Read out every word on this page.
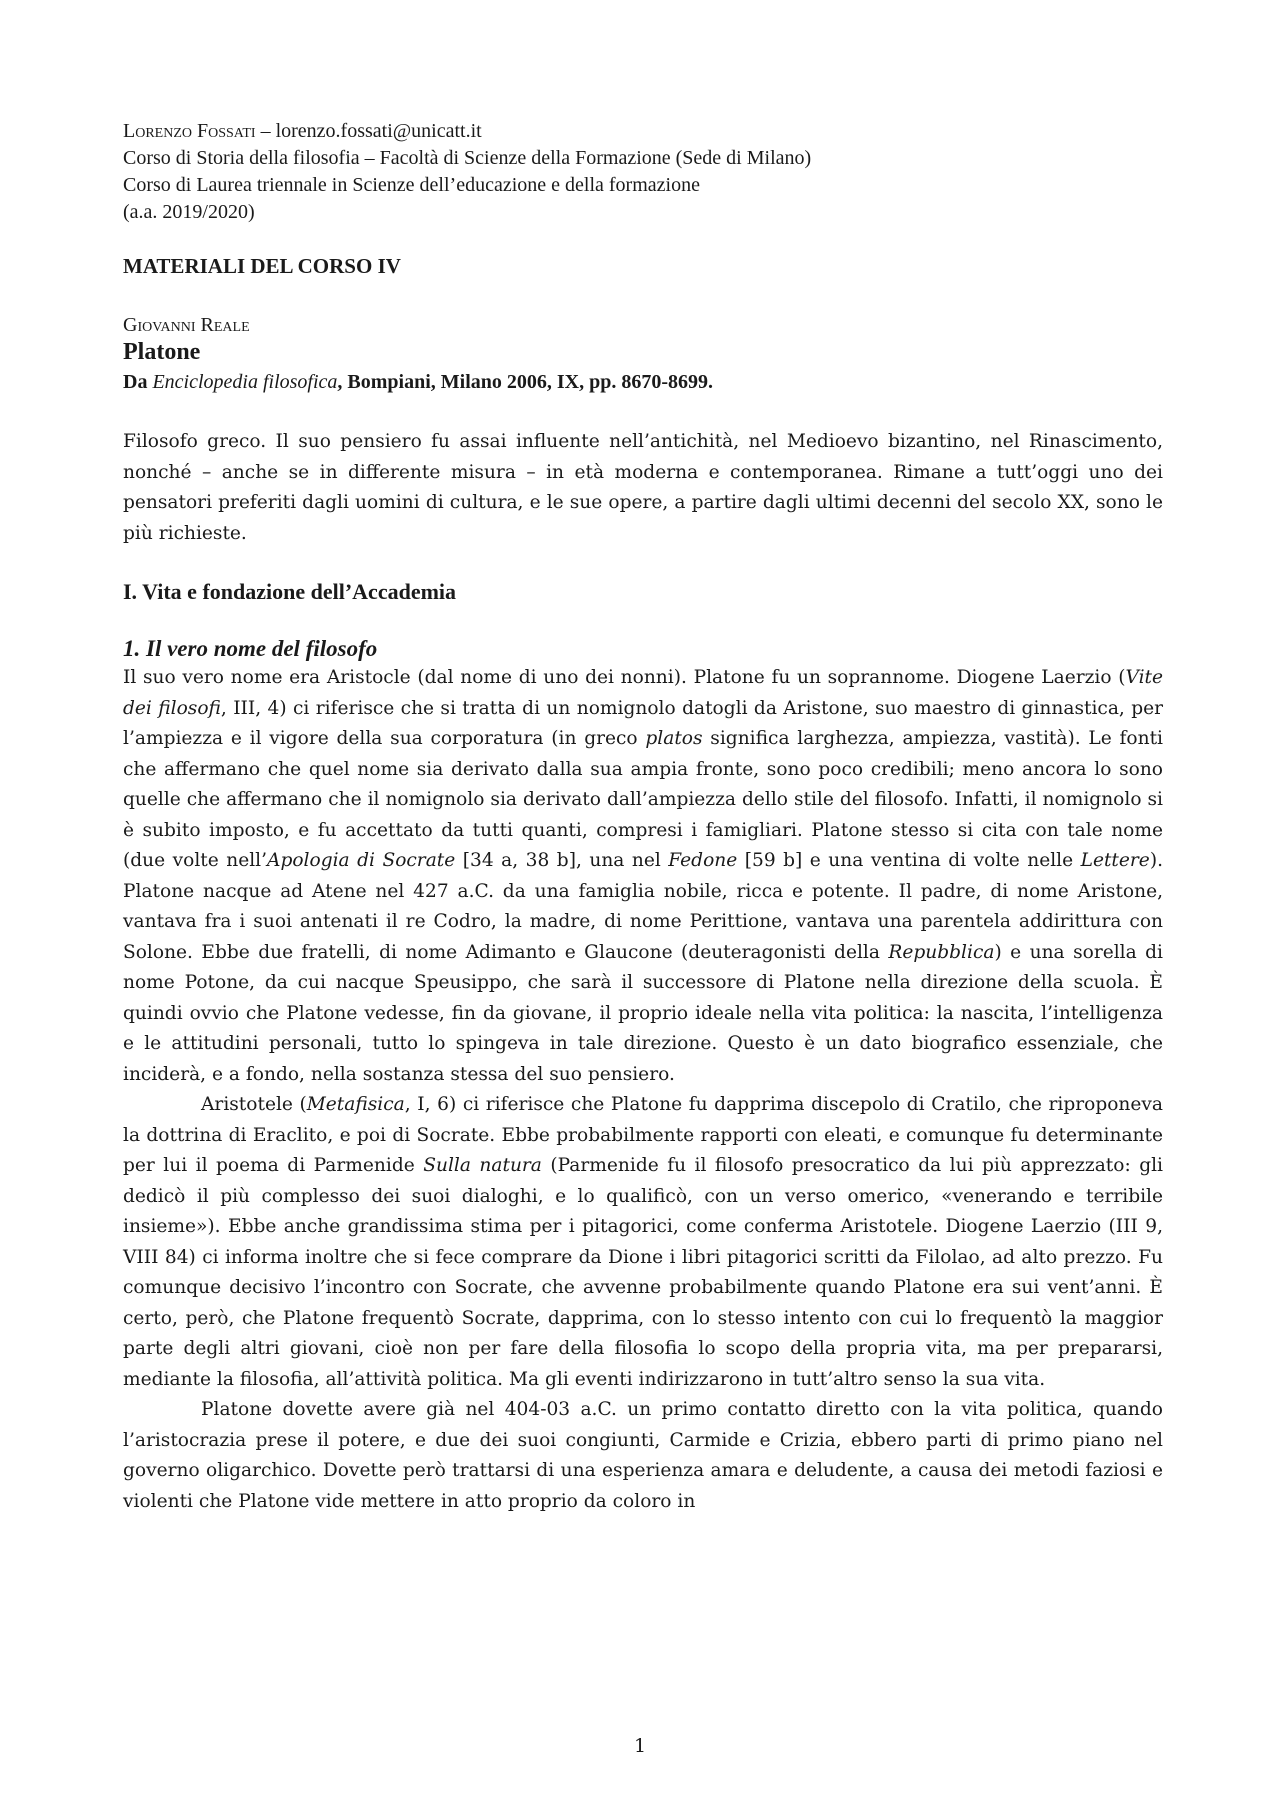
Lorenzo Fossati – lorenzo.fossati@unicatt.it
Corso di Storia della filosofia – Facoltà di Scienze della Formazione (Sede di Milano)
Corso di Laurea triennale in Scienze dell’educazione e della formazione
(a.a. 2019/2020)
MATERIALI DEL CORSO IV
Giovanni Reale
Platone
Da Enciclopedia filosofica, Bompiani, Milano 2006, IX, pp. 8670-8699.

Filosofo greco. Il suo pensiero fu assai influente nell’antichità, nel Medioevo bizantino, nel Rinascimento, nonché – anche se in differente misura – in età moderna e contemporanea. Rimane a tutt’oggi uno dei pensatori preferiti dagli uomini di cultura, e le sue opere, a partire dagli ultimi decenni del secolo XX, sono le più richieste.

I. Vita e fondazione dell’Accademia
1. Il vero nome del filosofo

Il suo vero nome era Aristocle (dal nome di uno dei nonni). Platone fu un soprannome. Diogene Laerzio (Vite dei filosofi, III, 4) ci riferisce che si tratta di un nomignolo datogli da Aristone, suo maestro di ginnastica, per l’ampiezza e il vigore della sua corporatura (in greco platos significa larghezza, ampiezza, vastità). Le fonti che affermano che quel nome sia derivato dalla sua ampia fronte, sono poco credibili; meno ancora lo sono quelle che affermano che il nomignolo sia derivato dall’ampiezza dello stile del filosofo. Infatti, il nomignolo si è subito imposto, e fu accettato da tutti quanti, compresi i famigliari. Platone stesso si cita con tale nome (due volte nell’Apologia di Socrate [34 a, 38 b], una nel Fedone [59 b] e una ventina di volte nelle Lettere). Platone nacque ad Atene nel 427 a.C. da una famiglia nobile, ricca e potente. Il padre, di nome Aristone, vantava fra i suoi antenati il re Codro, la madre, di nome Perittione, vantava una parentela addirittura con Solone. Ebbe due fratelli, di nome Adimanto e Glaucone (deuteragonisti della Repubblica) e una sorella di nome Potone, da cui nacque Speusippo, che sarà il successore di Platone nella direzione della scuola. È quindi ovvio che Platone vedesse, fin da giovane, il proprio ideale nella vita politica: la nascita, l’intelligenza e le attitudini personali, tutto lo spingeva in tale direzione. Questo è un dato biografico essenziale, che inciderà, e a fondo, nella sostanza stessa del suo pensiero.

Aristotele (Metafisica, I, 6) ci riferisce che Platone fu dapprima discepolo di Cratilo, che riproponeva la dottrina di Eraclito, e poi di Socrate. Ebbe probabilmente rapporti con eleati, e comunque fu determinante per lui il poema di Parmenide Sulla natura (Parmenide fu il filosofo presocratico da lui più apprezzato: gli dedicò il più complesso dei suoi dialoghi, e lo qualificò, con un verso omerico, «venerando e terribile insieme»). Ebbe anche grandissima stima per i pitagorici, come conferma Aristotele. Diogene Laerzio (III 9, VIII 84) ci informa inoltre che si fece comprare da Dione i libri pitagorici scritti da Filolao, ad alto prezzo. Fu comunque decisivo l’incontro con Socrate, che avvenne probabilmente quando Platone era sui vent’anni. È certo, però, che Platone frequentò Socrate, dapprima, con lo stesso intento con cui lo frequentò la maggior parte degli altri giovani, cioè non per fare della filosofia lo scopo della propria vita, ma per prepararsi, mediante la filosofia, all’attività politica. Ma gli eventi indirizzarono in tutt’altro senso la sua vita.

Platone dovette avere già nel 404-03 a.C. un primo contatto diretto con la vita politica, quando l’aristocrazia prese il potere, e due dei suoi congiunti, Carmide e Crizia, ebbero parti di primo piano nel governo oligarchico. Dovette però trattarsi di una esperienza amara e deludente, a causa dei metodi faziosi e violenti che Platone vide mettere in atto proprio da coloro in

1
